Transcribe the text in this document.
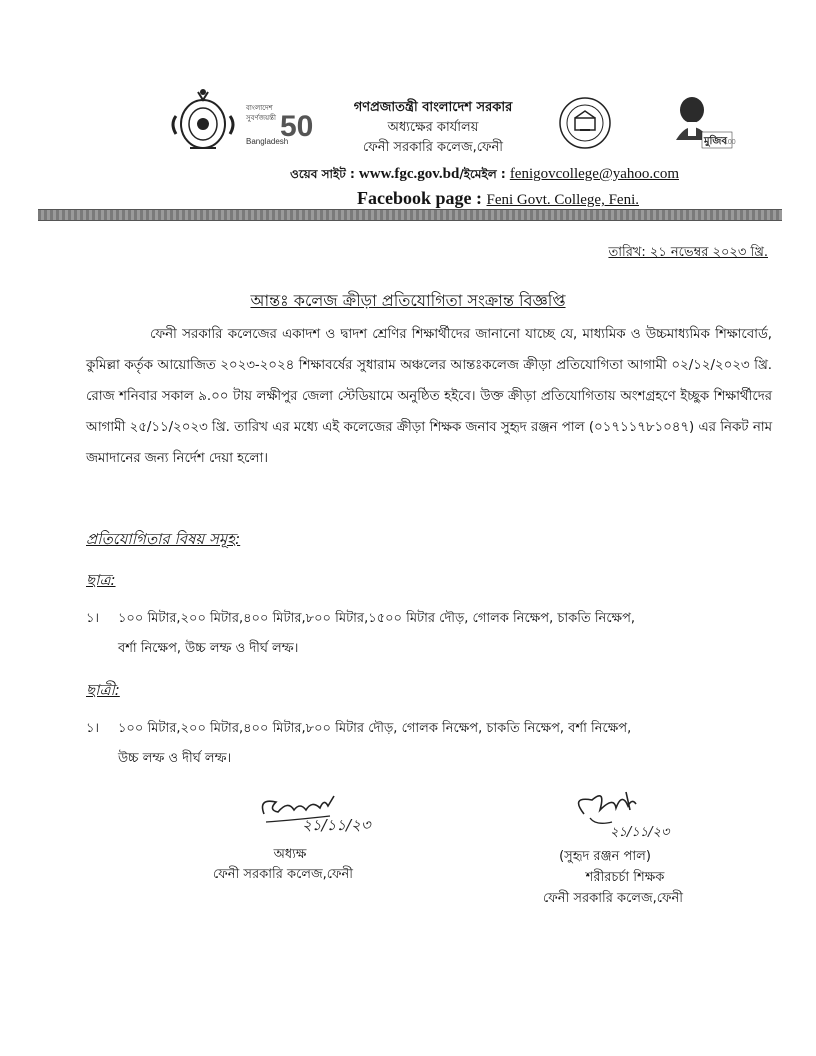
বাংলাদেশ
সুবর্ণজয়ন্তী
Bangladesh
50	মুজিব
100
গণপ্রজাতন্ত্রী বাংলাদেশ সরকার
অধ্যক্ষের কার্যালয়
ফেনী সরকারি কলেজ,ফেনী
ওয়েব সাইট : www.fgc.gov.bd/ইমেইল : fenigovcollege@yahoo.com
Facebook page : Feni Govt. College, Feni.
তারিখ: ২১ নভেম্বর ২০২৩ খ্রি.
আন্তঃ কলেজ ক্রীড়া প্রতিযোগিতা সংক্রান্ত বিজ্ঞপ্তি
ফেনী সরকারি কলেজের একাদশ ও দ্বাদশ শ্রেণির শিক্ষার্থীদের জানানো যাচ্ছে যে, মাধ্যমিক ও উচ্চমাধ্যমিক শিক্ষাবোর্ড, কুমিল্লা কর্তৃক আয়োজিত ২০২৩-২০২৪ শিক্ষাবর্ষের সুধারাম অঞ্চলের আন্তঃকলেজ ক্রীড়া প্রতিযোগিতা আগামী ০২/১২/২০২৩ খ্রি. রোজ শনিবার সকাল ৯.০০ টায় লক্ষীপুর জেলা স্টেডিয়ামে অনুষ্ঠিত হইবে। উক্ত ক্রীড়া প্রতিযোগিতায় অংশগ্রহণে ইচ্ছুক শিক্ষার্থীদের আগামী ২৫/১১/২০২৩ খ্রি. তারিখ এর মধ্যে এই কলেজের ক্রীড়া শিক্ষক জনাব সুহৃদ রঞ্জন পাল (০১৭১১৭৮১০৪৭) এর নিকট নাম জমাদানের জন্য নির্দেশ দেয়া হলো।
প্রতিযোগিতার বিষয় সমূহ:
ছাত্র:
১। ১০০ মিটার,২০০ মিটার,৪০০ মিটার,৮০০ মিটার,১৫০০ মিটার দৌড়, গোলক নিক্ষেপ, চাকতি নিক্ষেপ,
বর্শা নিক্ষেপ, উচ্চ লম্ফ ও দীর্ঘ লম্ফ।
ছাত্রী:
১। ১০০ মিটার,২০০ মিটার,৪০০ মিটার,৮০০ মিটার দৌড়, গোলক নিক্ষেপ, চাকতি নিক্ষেপ, বর্শা নিক্ষেপ,
উচ্চ লম্ফ ও দীর্ঘ লম্ফ।
২১/১১/২৩	২১/১১/২৩
অধ্যক্ষ
ফেনী সরকারি কলেজ,ফেনী
(সুহৃদ রঞ্জন পাল)
শরীরচর্চা শিক্ষক
ফেনী সরকারি কলেজ,ফেনী
